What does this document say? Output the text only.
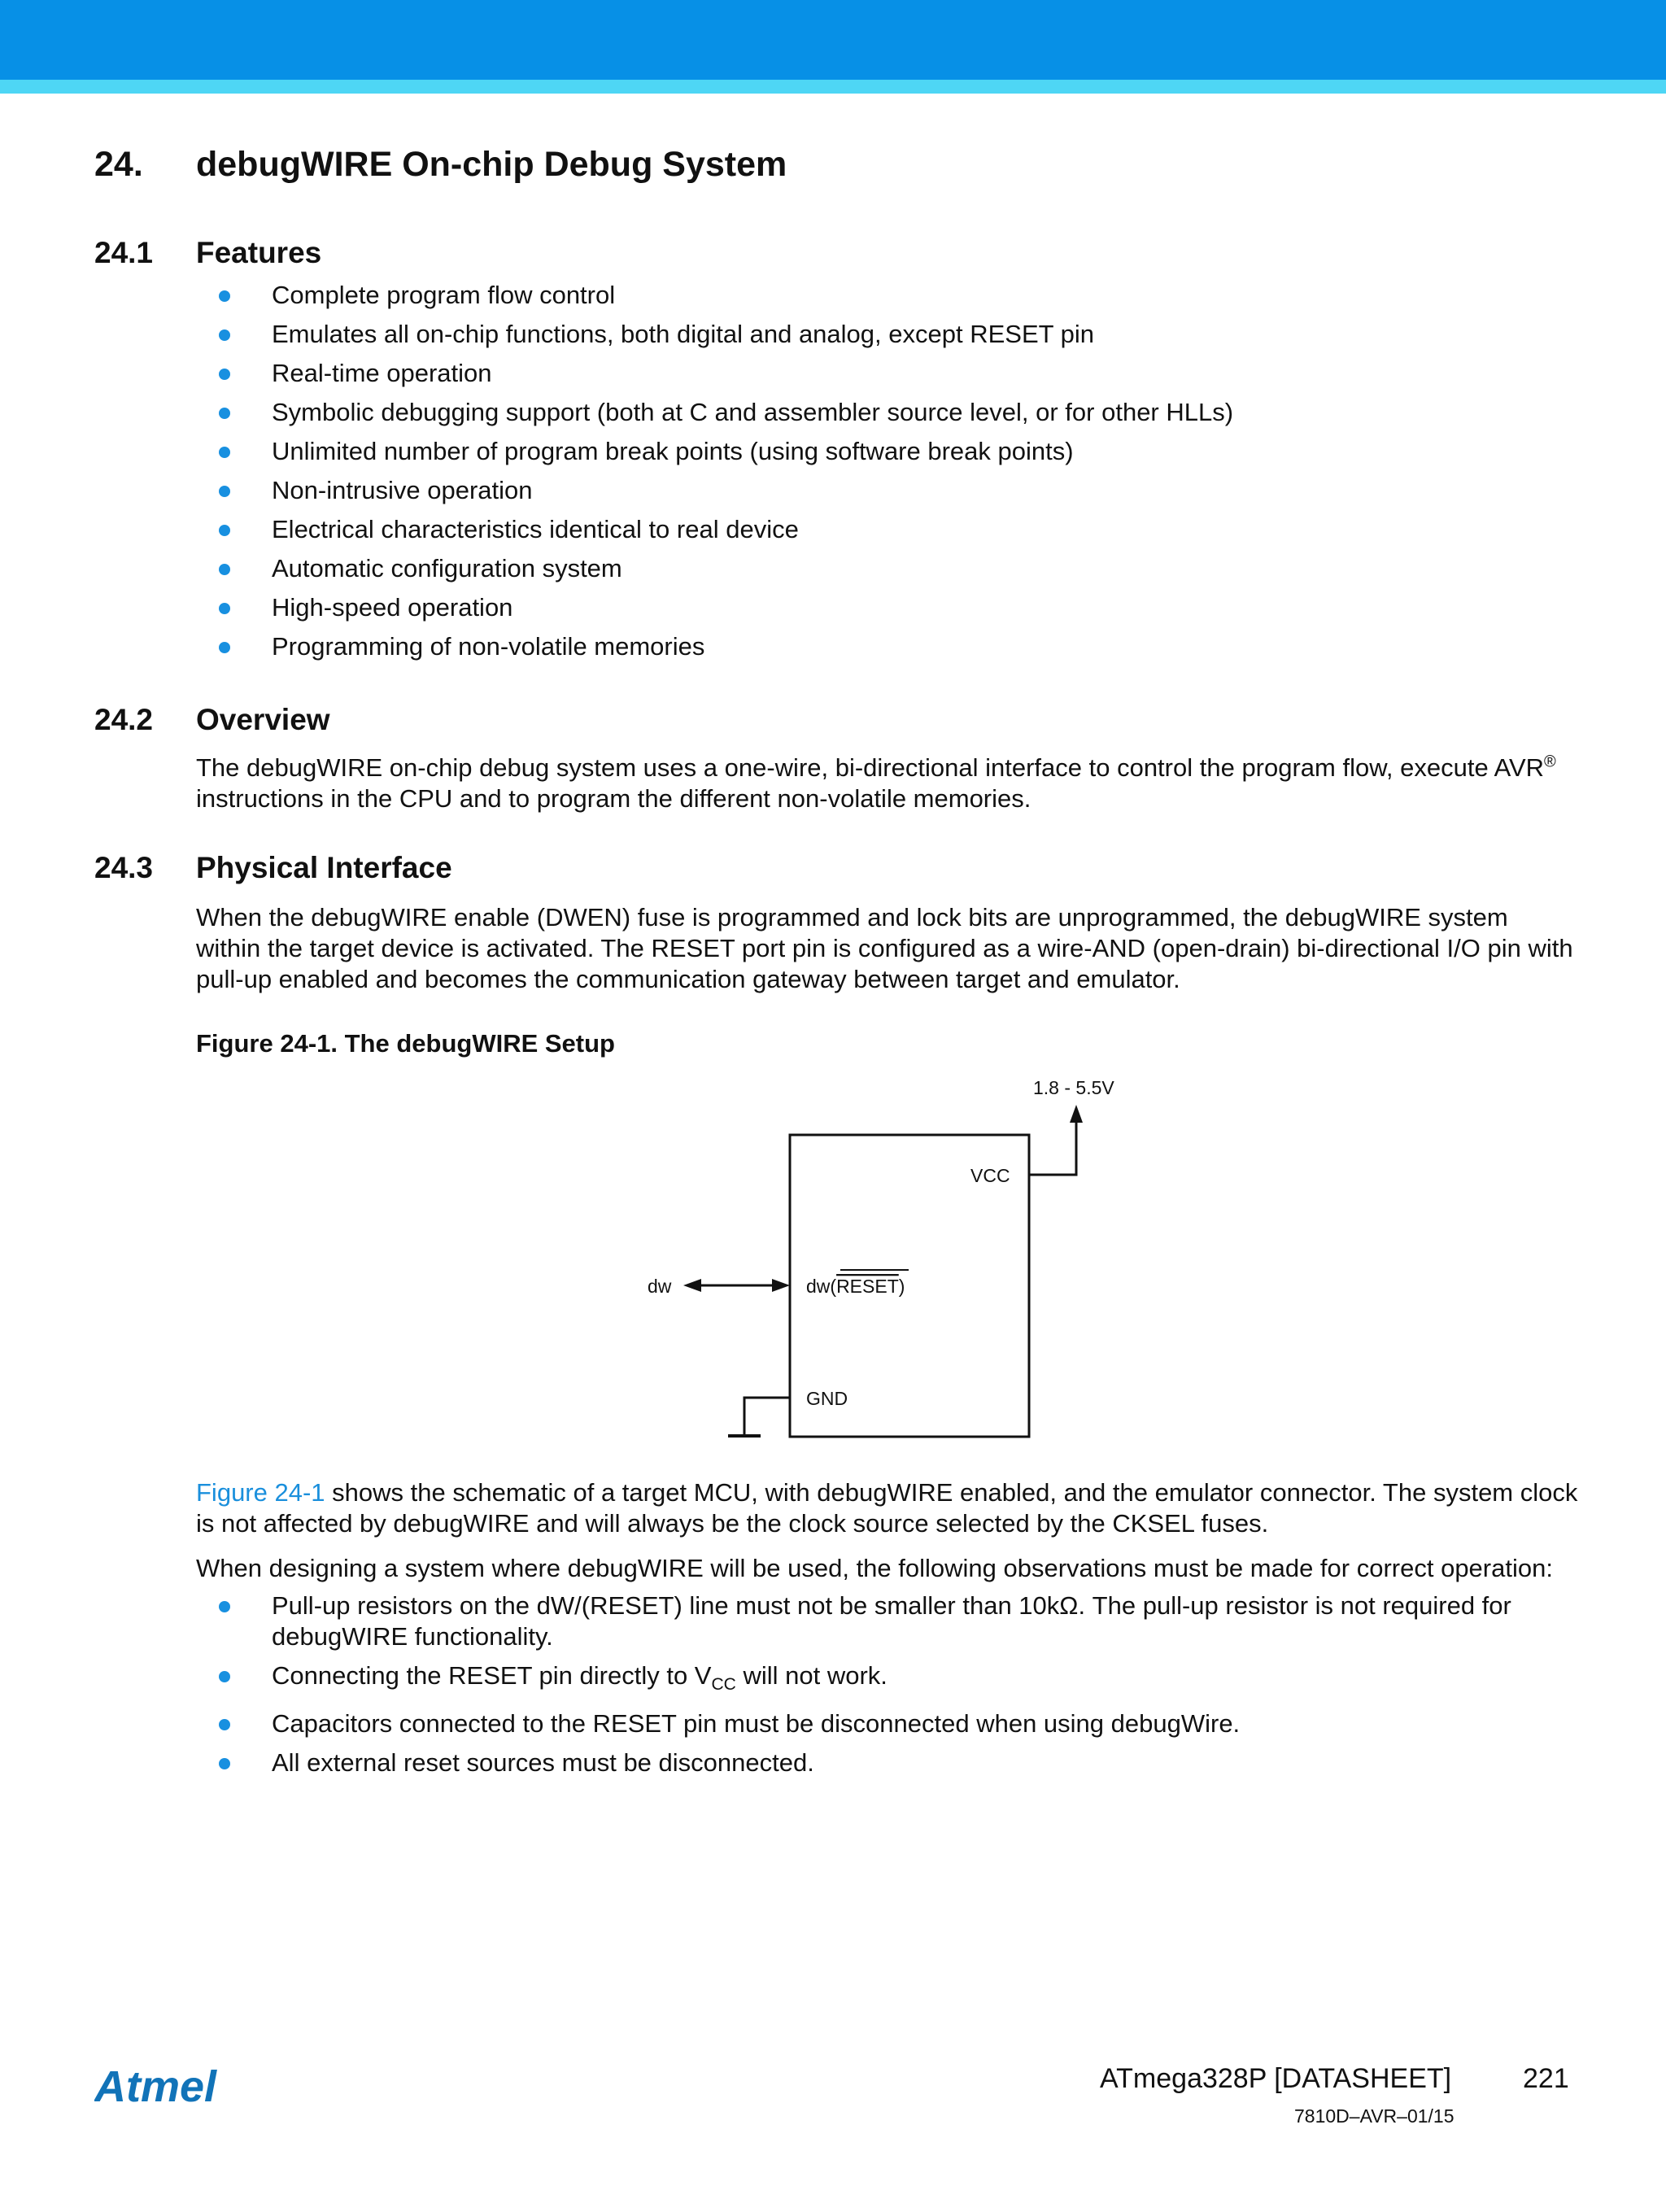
24. debugWIRE On-chip Debug System
24.1 Features
Complete program flow control
Emulates all on-chip functions, both digital and analog, except RESET pin
Real-time operation
Symbolic debugging support (both at C and assembler source level, or for other HLLs)
Unlimited number of program break points (using software break points)
Non-intrusive operation
Electrical characteristics identical to real device
Automatic configuration system
High-speed operation
Programming of non-volatile memories
24.2 Overview

The debugWIRE on-chip debug system uses a one-wire, bi-directional interface to control the program flow, execute AVR® instructions in the CPU and to program the different non-volatile memories.

24.3 Physical Interface

When the debugWIRE enable (DWEN) fuse is programmed and lock bits are unprogrammed, the debugWIRE system within the target device is activated. The RESET port pin is configured as a wire-AND (open-drain) bi-directional I/O pin with pull-up enabled and becomes the communication gateway between target and emulator.

Figure 24-1. The debugWIRE Setup

1.8 - 5.5V
VCC
dw	dw(RESET)
GND

Figure 24-1 shows the schematic of a target MCU, with debugWIRE enabled, and the emulator connector. The system clock is not affected by debugWIRE and will always be the clock source selected by the CKSEL fuses.

When designing a system where debugWIRE will be used, the following observations must be made for correct operation:

Pull-up resistors on the dW/(RESET) line must not be smaller than 10kΩ. The pull-up resistor is not required for debugWIRE functionality.
Connecting the RESET pin directly to $V_{CC}$ will not work.
Capacitors connected to the RESET pin must be disconnected when using debugWire.
All external reset sources must be disconnected.
Atmel	ATmega328P [DATASHEET]	221
7810D–AVR–01/15
